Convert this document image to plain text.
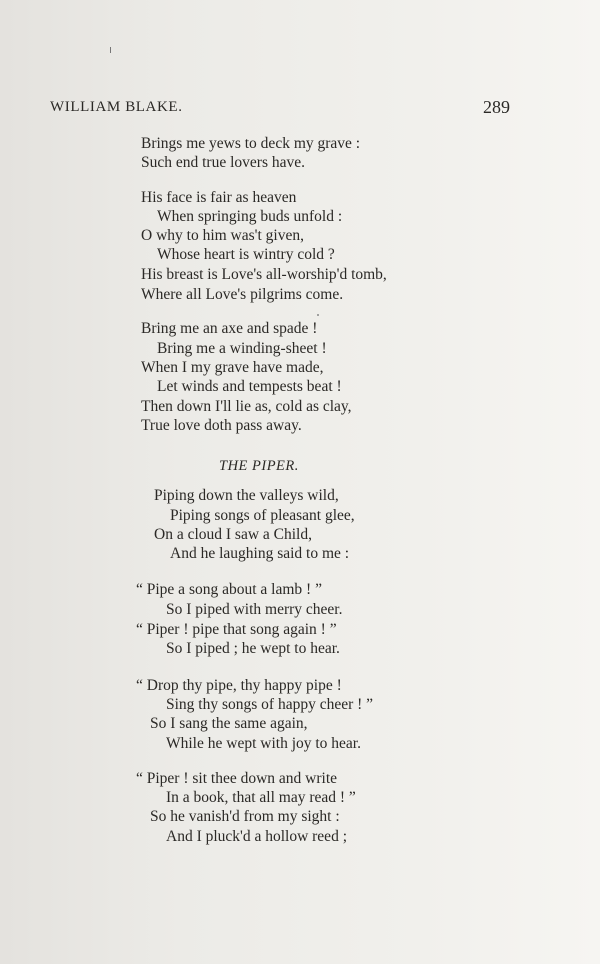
WILLIAM BLAKE.	289
Brings me yews to deck my grave :
Such end true lovers have.
His face is fair as heaven
When springing buds unfold :
O why to him was't given,
Whose heart is wintry cold ?
His breast is Love's all-worship'd tomb,
Where all Love's pilgrims come.
Bring me an axe and spade !
Bring me a winding-sheet !
When I my grave have made,
Let winds and tempests beat !
Then down I'll lie as, cold as clay,
True love doth pass away.
THE PIPER.
Piping down the valleys wild,
Piping songs of pleasant glee,
On a cloud I saw a Child,
And he laughing said to me :
“ Pipe a song about a lamb ! ”
So I piped with merry cheer.
“ Piper ! pipe that song again ! ”
So I piped ; he wept to hear.
“ Drop thy pipe, thy happy pipe !
Sing thy songs of happy cheer ! ”
So I sang the same again,
While he wept with joy to hear.
“ Piper ! sit thee down and write
In a book, that all may read ! ”
So he vanish'd from my sight :
And I pluck'd a hollow reed ;
